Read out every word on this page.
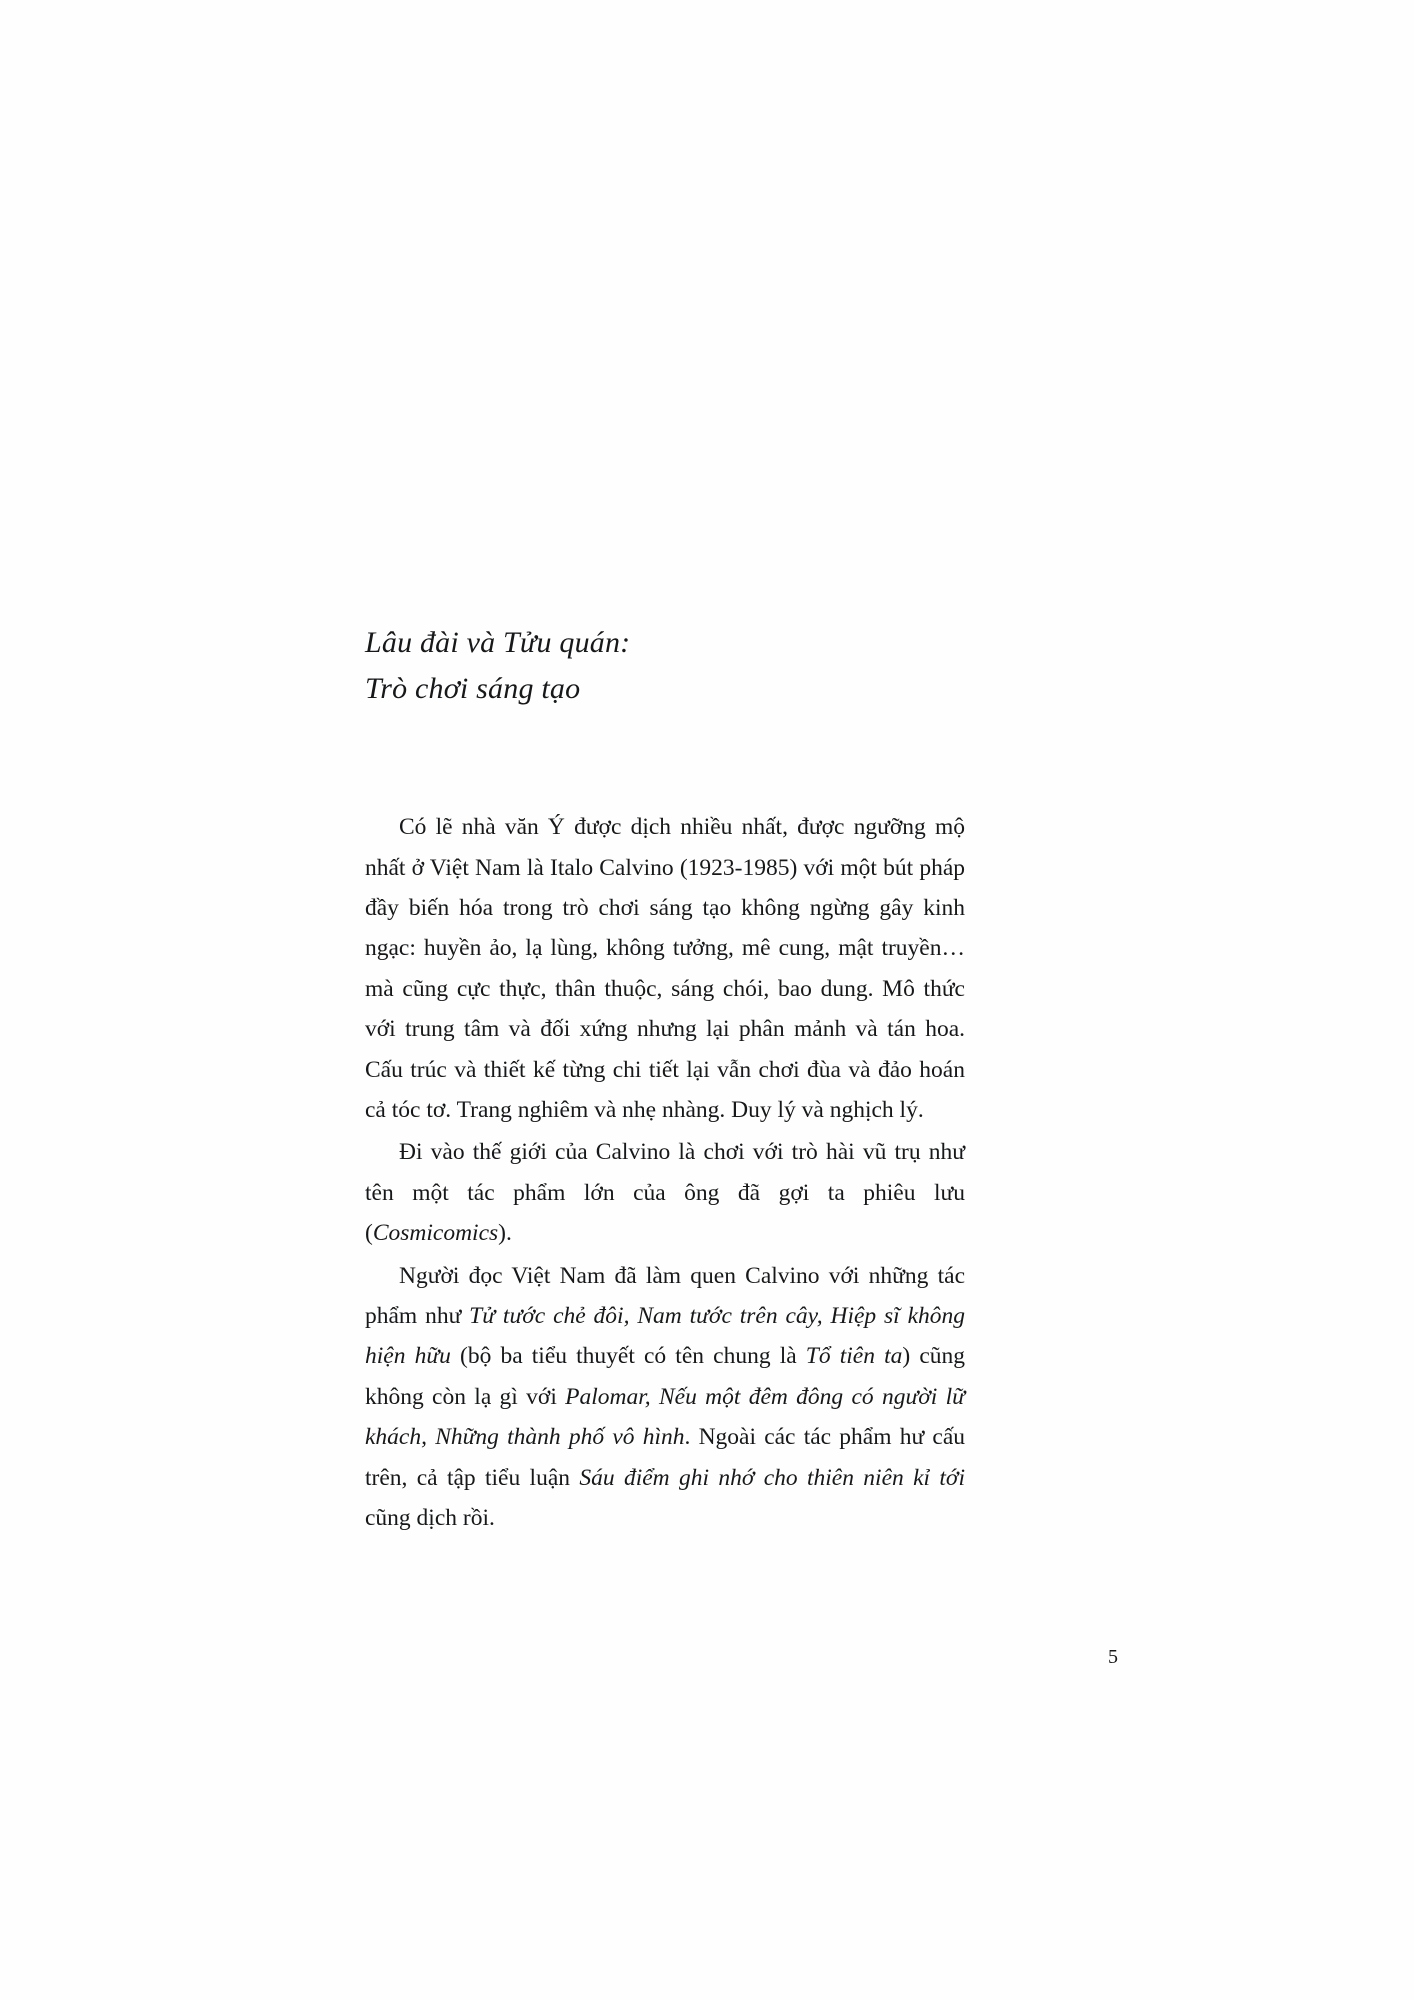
Lâu đài và Tửu quán:
Trò chơi sáng tạo

Có lẽ nhà văn Ý được dịch nhiều nhất, được ngưỡng mộ nhất ở Việt Nam là Italo Calvino (1923-1985) với một bút pháp đầy biến hóa trong trò chơi sáng tạo không ngừng gây kinh ngạc: huyền ảo, lạ lùng, không tưởng, mê cung, mật truyền… mà cũng cực thực, thân thuộc, sáng chói, bao dung. Mô thức với trung tâm và đối xứng nhưng lại phân mảnh và tán hoa. Cấu trúc và thiết kế từng chi tiết lại vẫn chơi đùa và đảo hoán cả tóc tơ. Trang nghiêm và nhẹ nhàng. Duy lý và nghịch lý.

Đi vào thế giới của Calvino là chơi với trò hài vũ trụ như tên một tác phẩm lớn của ông đã gợi ta phiêu lưu (Cosmicomics).

Người đọc Việt Nam đã làm quen Calvino với những tác phẩm như Tử tước chẻ đôi, Nam tước trên cây, Hiệp sĩ không hiện hữu (bộ ba tiểu thuyết có tên chung là Tổ tiên ta) cũng không còn lạ gì với Palomar, Nếu một đêm đông có người lữ khách, Những thành phố vô hình. Ngoài các tác phẩm hư cấu trên, cả tập tiểu luận Sáu điểm ghi nhớ cho thiên niên kỉ tới cũng dịch rồi.

5
